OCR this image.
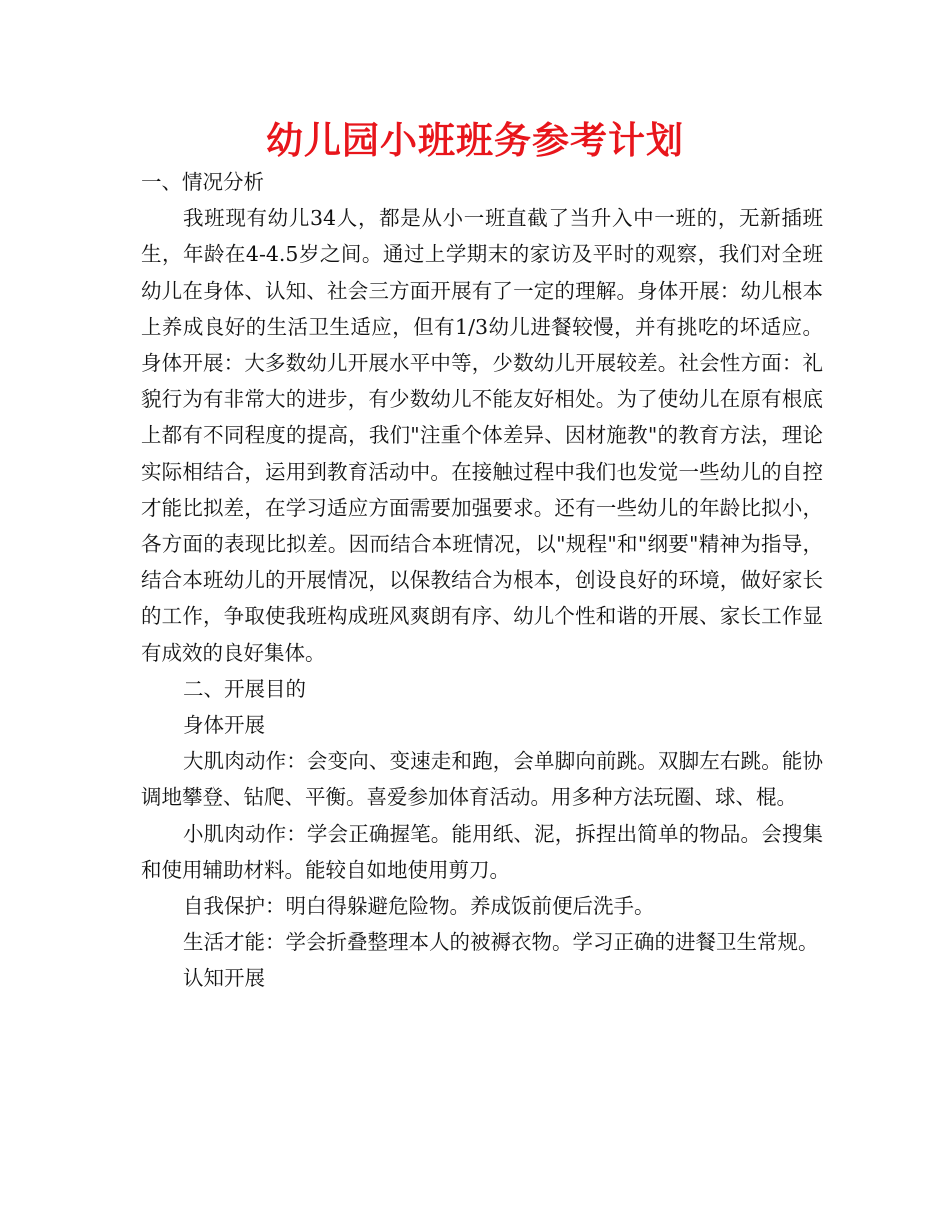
幼儿园小班班务参考计划

一、情况分析

我班现有幼儿34人，都是从小一班直截了当升入中一班的，无新插班生，年龄在4-4.5岁之间。通过上学期末的家访及平时的观察，我们对全班幼儿在身体、认知、社会三方面开展有了一定的理解。身体开展：幼儿根本上养成良好的生活卫生适应，但有1/3幼儿进餐较慢，并有挑吃的坏适应。身体开展：大多数幼儿开展水平中等，少数幼儿开展较差。社会性方面：礼貌行为有非常大的进步，有少数幼儿不能友好相处。为了使幼儿在原有根底上都有不同程度的提高，我们"注重个体差异、因材施教"的教育方法，理论实际相结合，运用到教育活动中。在接触过程中我们也发觉一些幼儿的自控才能比拟差，在学习适应方面需要加强要求。还有一些幼儿的年龄比拟小，各方面的表现比拟差。因而结合本班情况，以"规程"和"纲要"精神为指导，结合本班幼儿的开展情况，以保教结合为根本，创设良好的环境，做好家长的工作，争取使我班构成班风爽朗有序、幼儿个性和谐的开展、家长工作显有成效的良好集体。

二、开展目的

身体开展

大肌肉动作：会变向、变速走和跑，会单脚向前跳。双脚左右跳。能协调地攀登、钻爬、平衡。喜爱参加体育活动。用多种方法玩圈、球、棍。

小肌肉动作：学会正确握笔。能用纸、泥，拆捏出简单的物品。会搜集和使用辅助材料。能较自如地使用剪刀。

自我保护：明白得躲避危险物。养成饭前便后洗手。

生活才能：学会折叠整理本人的被褥衣物。学习正确的进餐卫生常规。

认知开展
